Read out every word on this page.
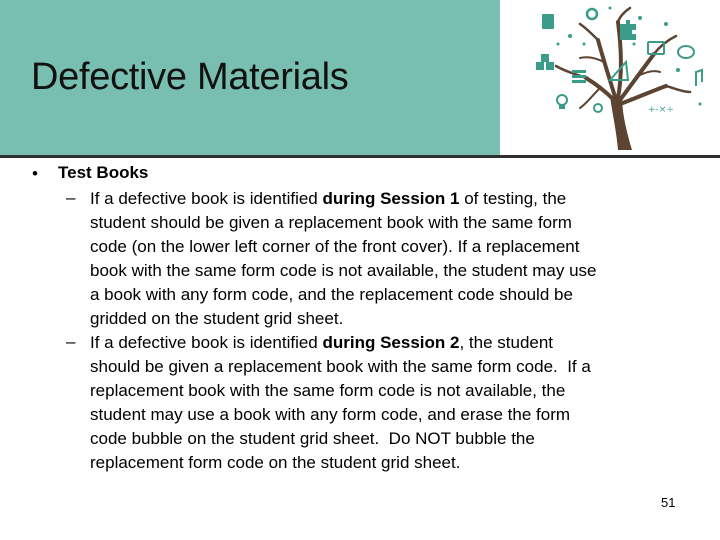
Defective Materials
+-×÷
• Test Books
– If a defective book is identified during Session 1 of testing, the
student should be given a replacement book with the same form
code (on the lower left corner of the front cover). If a replacement
book with the same form code is not available, the student may use
a book with any form code, and the replacement code should be
gridded on the student grid sheet.
– If a defective book is identified during Session 2, the student
should be given a replacement book with the same form code.  If a
replacement book with the same form code is not available, the
student may use a book with any form code, and erase the form
code bubble on the student grid sheet.  Do NOT bubble the
replacement form code on the student grid sheet.
51
